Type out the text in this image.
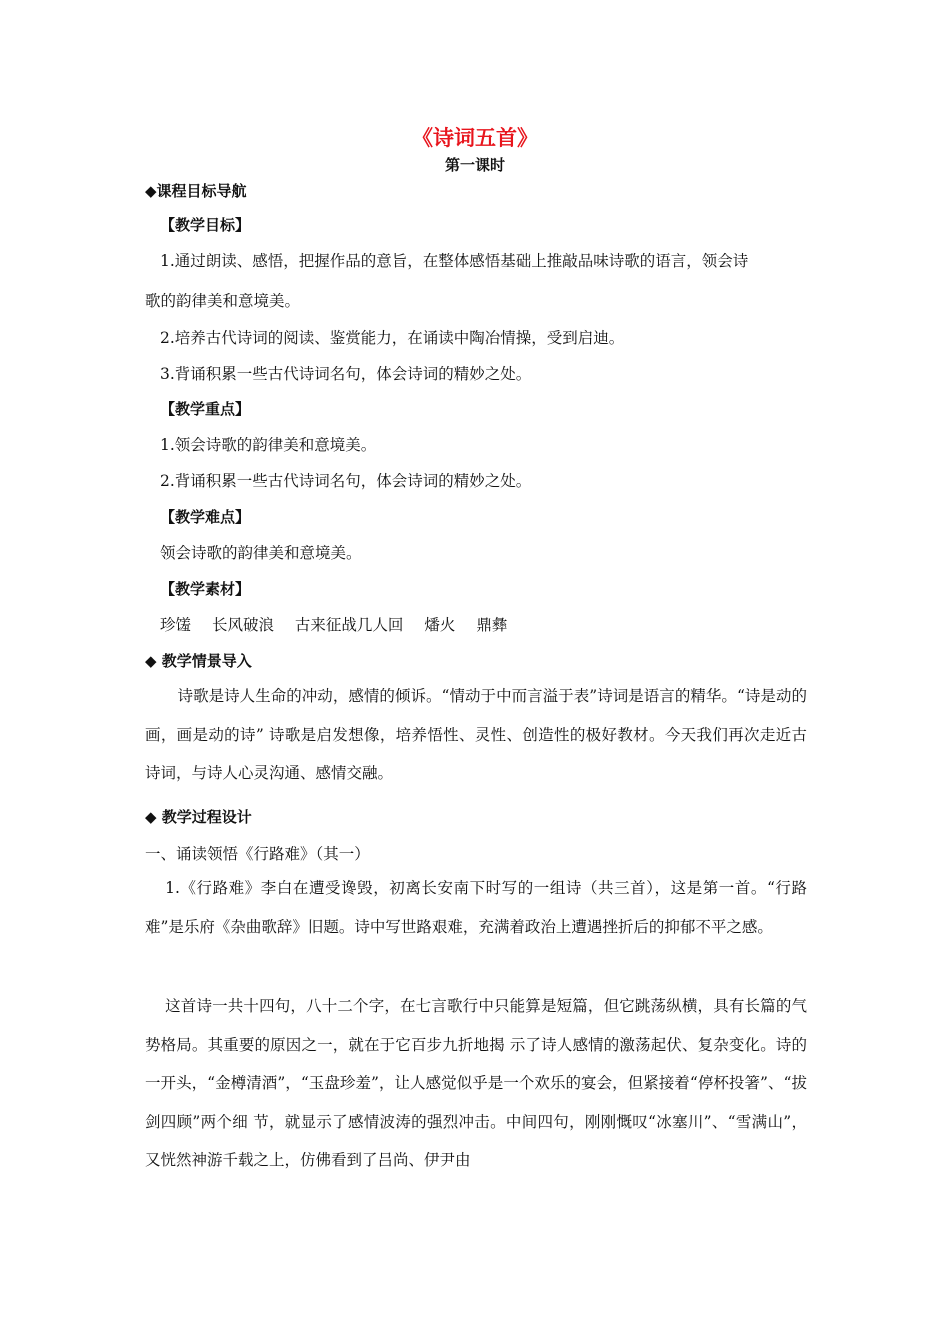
《诗词五首》
第一课时
◆课程目标导航
【教学目标】
1.通过朗读、感悟，把握作品的意旨，在整体感悟基础上推敲品味诗歌的语言，领会诗
歌的韵律美和意境美。
2.培养古代诗词的阅读、鉴赏能力，在诵读中陶冶情操，受到启迪。
3.背诵积累一些古代诗词名句，体会诗词的精妙之处。
【教学重点】
1.领会诗歌的韵律美和意境美。
2.背诵积累一些古代诗词名句，体会诗词的精妙之处。
【教学难点】
领会诗歌的韵律美和意境美。
【教学素材】
珍馐 长风破浪 古来征战几人回 燔火 鼎彝
◆ 教学情景导入

诗歌是诗人生命的冲动，感情的倾诉。“情动于中而言溢于表”诗词是语言的精华。“诗是动的画，画是动的诗” 诗歌是启发想像，培养悟性、灵性、创造性的极好教材。今天我们再次走近古诗词，与诗人心灵沟通、感情交融。

◆ 教学过程设计
一、诵读领悟《行路难》（其一）

1.《行路难》李白在遭受谗毁，初离长安南下时写的一组诗（共三首），这是第一首。“行路难”是乐府《杂曲歌辞》旧题。诗中写世路艰难，充满着政治上遭遇挫折后的抑郁不平之感。

这首诗一共十四句，八十二个字，在七言歌行中只能算是短篇，但它跳荡纵横，具有长篇的气势格局。其重要的原因之一，就在于它百步九折地揭 示了诗人感情的激荡起伏、复杂变化。诗的一开头，“金樽清酒”，“玉盘珍羞”，让人感觉似乎是一个欢乐的宴会，但紧接着“停杯投箸”、“拔剑四顾”两个细 节，就显示了感情波涛的强烈冲击。中间四句，刚刚慨叹“冰塞川”、“雪满山”，又恍然神游千载之上，仿佛看到了吕尚、伊尹由
